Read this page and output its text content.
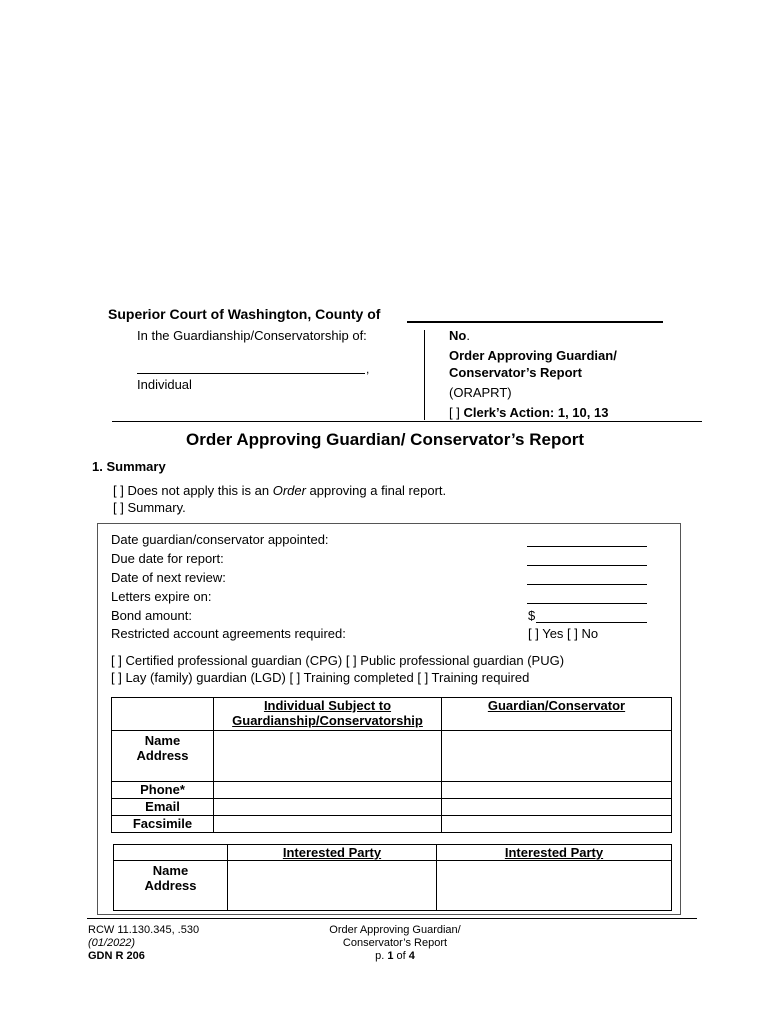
Superior Court of Washington, County of
In the Guardianship/Conservatorship of:
,
Individual
No.
Order Approving Guardian/
Conservator’s Report
(ORAPRT)
[ ] Clerk’s Action: 1, 10, 13
Order Approving Guardian/ Conservator’s Report
1. Summary
[ ] Does not apply this is an Order approving a final report.
[ ] Summary.
Date guardian/conservator appointed:
Due date for report:
Date of next review:
Letters expire on:
Bond amount:
Restricted account agreements required:
$
[ ] Yes [ ] No
[ ] Certified professional guardian (CPG) [ ] Public professional guardian (PUG)
[ ] Lay (family) guardian (LGD) [ ] Training completed [ ] Training required

	Individual Subject to
Guardianship/Conservatorship	Guardian/Conservator

Name
Address		

Phone*		
Email		
Facsimile		
	Interested Party	Interested Party

Name
Address		

RCW 11.130.345, .530
(01/2022)
GDN R 206
Order Approving Guardian/
Conservator’s Report
p. 1 of 4
